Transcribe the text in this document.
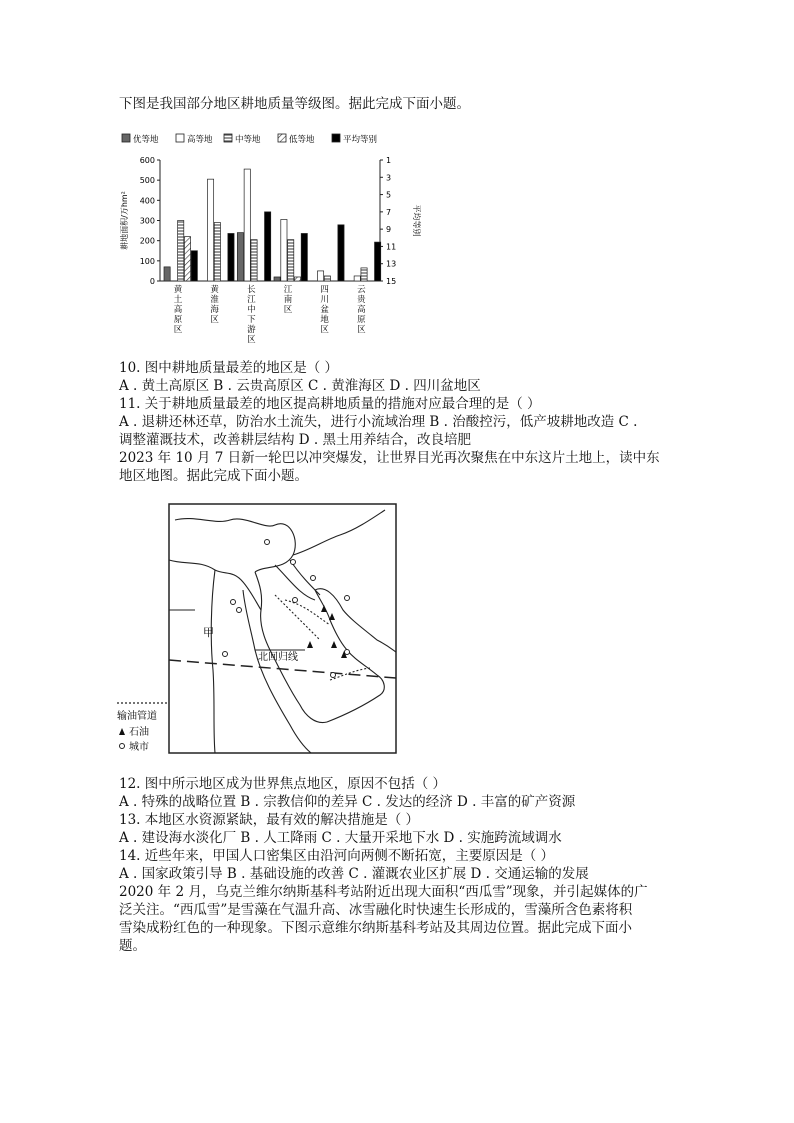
下图是我国部分地区耕地质量等级图。据此完成下面小题。
优等地	高等地	中等地	低等地	平均等别
0
100
200
300
400
500
600	1
3
5
7
9
11
13
15
耕地面积/万hm²	平均等别
黄土高原区
黄淮海区
长江中下游区
江南区
四川盆地区
云贵高原区
10. 图中耕地质量最差的地区是（ ）
A . 黄土高原区 B . 云贵高原区 C . 黄淮海区 D . 四川盆地区
11. 关于耕地质量最差的地区提高耕地质量的措施对应最合理的是（ ）
A . 退耕还林还草，防治水土流失，进行小流域治理 B . 治酸控污，低产坡耕地改造 C .
调整灌溉技术，改善耕层结构 D . 黑土用养结合，改良培肥
2023 年 10 月 7 日新一轮巴以冲突爆发，让世界目光再次聚焦在中东这片土地上，读中东
地区地图。据此完成下面小题。
北回归线
甲
输油管道
石油
城市
12. 图中所示地区成为世界焦点地区，原因不包括（ ）
A . 特殊的战略位置 B . 宗教信仰的差异 C . 发达的经济 D . 丰富的矿产资源
13. 本地区水资源紧缺，最有效的解决措施是（ ）
A . 建设海水淡化厂 B . 人工降雨 C . 大量开采地下水 D . 实施跨流域调水
14. 近些年来，甲国人口密集区由沿河向两侧不断拓宽，主要原因是（ ）
A . 国家政策引导 B . 基础设施的改善 C . 灌溉农业区扩展 D . 交通运输的发展
2020 年 2 月，乌克兰维尔纳斯基科考站附近出现大面积“西瓜雪”现象，并引起媒体的广
泛关注。“西瓜雪”是雪藻在气温升高、冰雪融化时快速生长形成的，雪藻所含色素将积
雪染成粉红色的一种现象。下图示意维尔纳斯基科考站及其周边位置。据此完成下面小
题。
